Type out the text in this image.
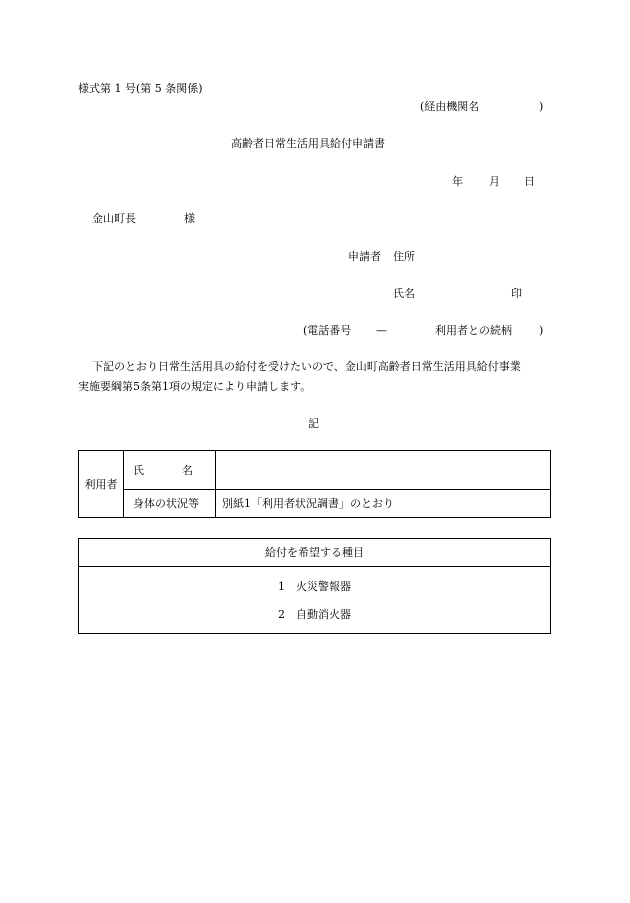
様式第 1 号(第 5 条関係)
(経由機関名	)
高齢者日常生活用具給付申請書
年 月 日
金山町長	様
申請者 住所
氏名	印
(電話番号 —	利用者との続柄 )
下記のとおり日常生活用具の給付を受けたいので、金山町高齢者日常生活用具給付事業
実施要綱第5条第1項の規定により申請します。
記
利用者	氏 名	

	身体の状況等	別紙1「利用者状況調書」のとおり
給付を希望する種目

1　火災警報器
2　自動消火器
